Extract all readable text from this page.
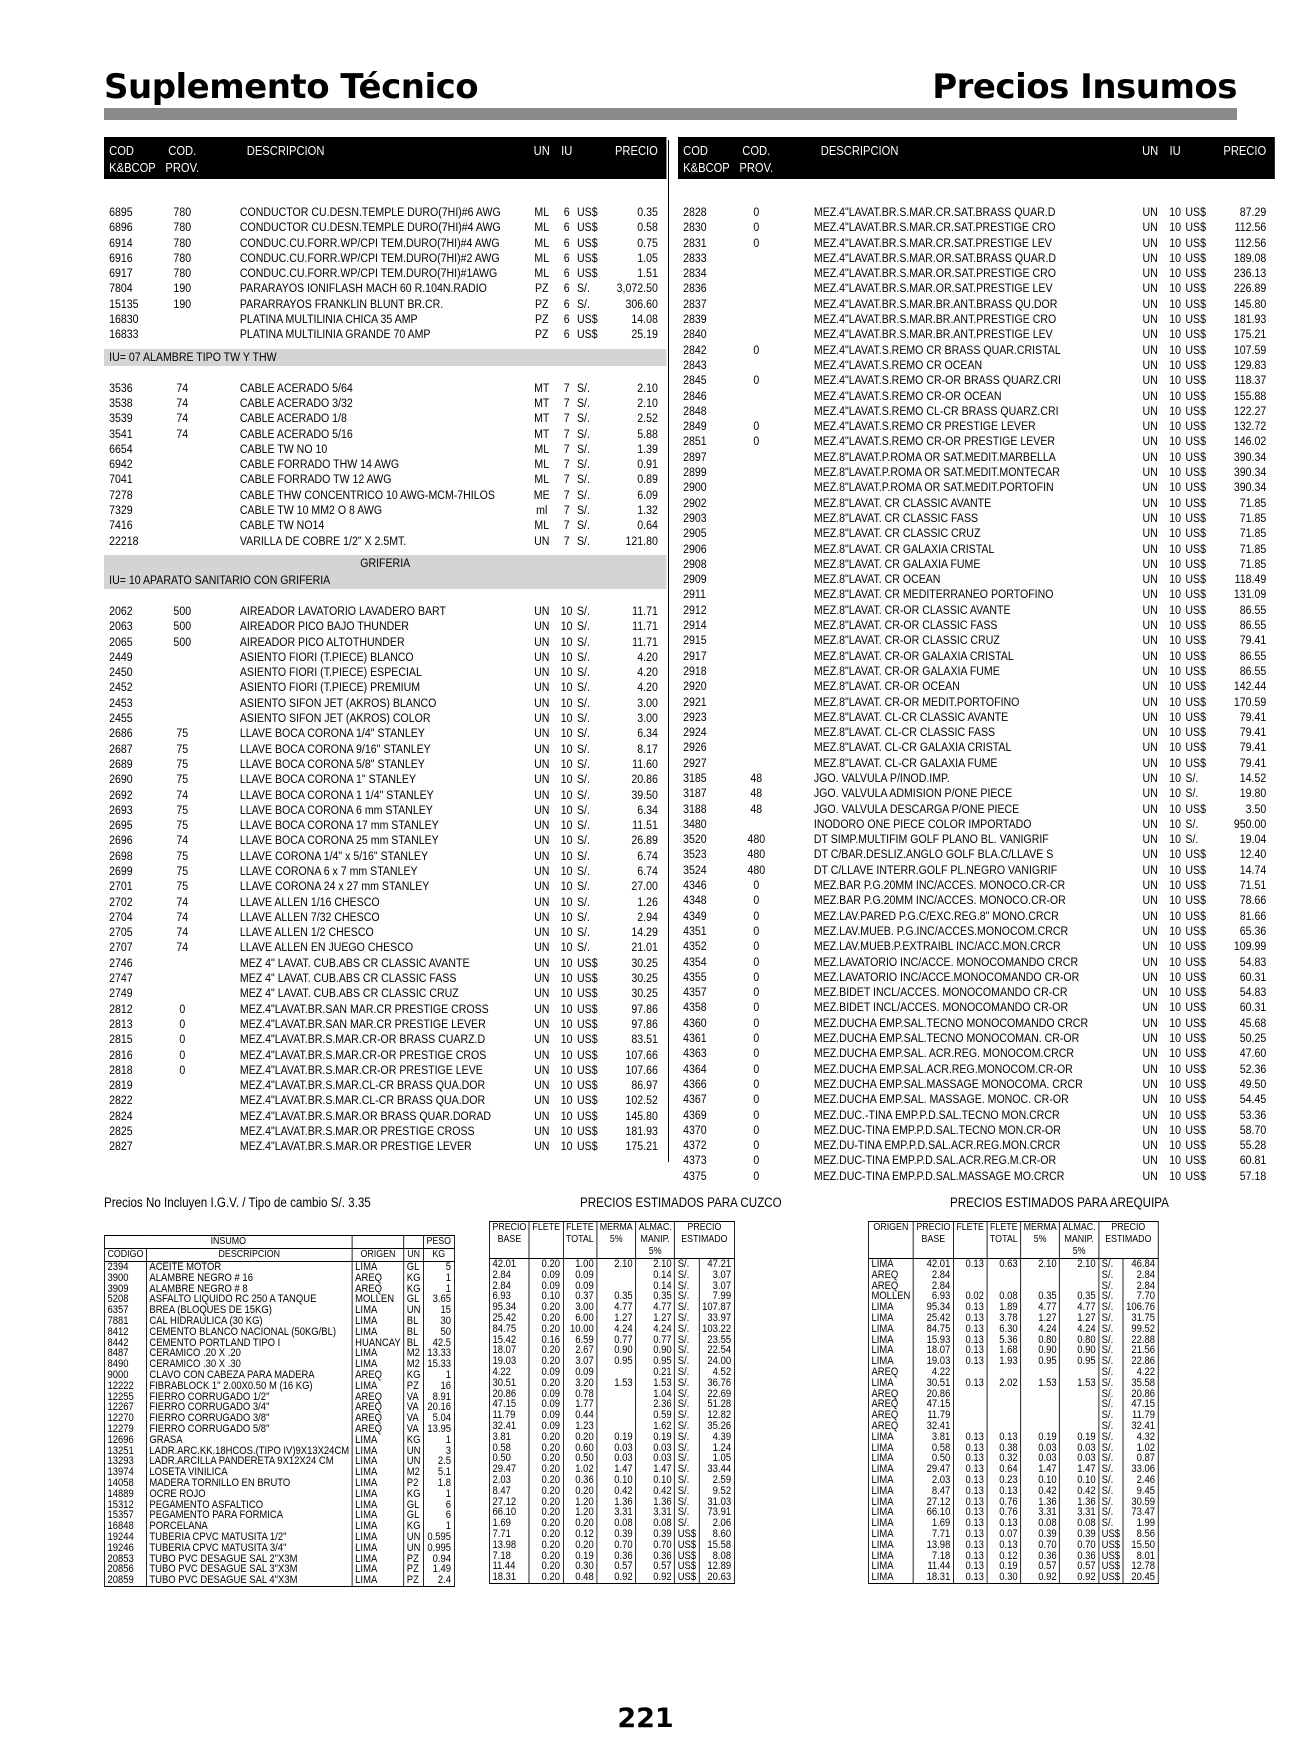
Suplemento Técnico	Precios Insumos
COD
K&BCOP
COD.
PROV.
DESCRIPCION	UN IU	PRECIO
6895	780	CONDUCTOR CU.DESN.TEMPLE DURO(7HI)#6 AWG	ML	6 US$	0.35
6896	780	CONDUCTOR CU.DESN.TEMPLE DURO(7HI)#4 AWG	ML	6 US$	0.58
6914	780	CONDUC.CU.FORR.WP/CPI TEM.DURO(7HI)#4 AWG	ML	6 US$	0.75
6916	780	CONDUC.CU.FORR.WP/CPI TEM.DURO(7HI)#2 AWG	ML	6 US$	1.05
6917	780	CONDUC.CU.FORR.WP/CPI TEM.DURO(7HI)#1AWG	ML	6 US$	1.51
7804	190	PARARAYOS IONIFLASH MACH 60 R.104N.RADIO	PZ	6 S/.	3,072.50
15135	190	PARARRAYOS FRANKLIN BLUNT BR.CR.	PZ	6 S/.	306.60
16830	PLATINA MULTILINIA CHICA 35 AMP	PZ	6 US$	14.08
16833	PLATINA MULTILINIA GRANDE 70 AMP	PZ	6 US$	25.19
IU= 07 ALAMBRE TIPO TW Y THW
3536	74	CABLE ACERADO 5/64	MT	7 S/.	2.10
3538	74	CABLE ACERADO 3/32	MT	7 S/.	2.10
3539	74	CABLE ACERADO 1/8	MT	7 S/.	2.52
3541	74	CABLE ACERADO 5/16	MT	7 S/.	5.88
6654	CABLE TW NO 10	ML	7 S/.	1.39
6942	CABLE FORRADO THW 14 AWG	ML	7 S/.	0.91
7041	CABLE FORRADO TW 12 AWG	ML	7 S/.	0.89
7278	CABLE THW CONCENTRICO 10 AWG-MCM-7HILOS	ME	7 S/.	6.09
7329	CABLE TW 10 MM2 O 8 AWG	ml	7 S/.	1.32
7416	CABLE TW NO14	ML	7 S/.	0.64
22218	VARILLA DE COBRE 1/2" X 2.5MT.	UN	7 S/.	121.80
GRIFERIA
IU= 10 APARATO SANITARIO CON GRIFERIA
2062	500	AIREADOR LAVATORIO LAVADERO BART	UN 10 S/.	11.71
2063	500	AIREADOR PICO BAJO THUNDER	UN 10 S/.	11.71
2065	500	AIREADOR PICO ALTOTHUNDER	UN 10 S/.	11.71
2449	ASIENTO FIORI (T.PIECE) BLANCO	UN 10 S/.	4.20
2450	ASIENTO FIORI (T.PIECE) ESPECIAL	UN 10 S/.	4.20
2452	ASIENTO FIORI (T.PIECE) PREMIUM	UN 10 S/.	4.20
2453	ASIENTO SIFON JET (AKROS) BLANCO	UN 10 S/.	3.00
2455	ASIENTO SIFON JET (AKROS) COLOR	UN 10 S/.	3.00
2686	75	LLAVE BOCA CORONA 1/4" STANLEY	UN 10 S/.	6.34
2687	75	LLAVE BOCA CORONA 9/16" STANLEY	UN 10 S/.	8.17
2689	75	LLAVE BOCA CORONA 5/8" STANLEY	UN 10 S/.	11.60
2690	75	LLAVE BOCA CORONA 1" STANLEY	UN 10 S/.	20.86
2692	74	LLAVE BOCA CORONA 1 1/4" STANLEY	UN 10 S/.	39.50
2693	75	LLAVE BOCA CORONA 6 mm STANLEY	UN 10 S/.	6.34
2695	75	LLAVE BOCA CORONA 17 mm STANLEY	UN 10 S/.	11.51
2696	74	LLAVE BOCA CORONA 25 mm STANLEY	UN 10 S/.	26.89
2698	75	LLAVE CORONA 1/4" x 5/16" STANLEY	UN 10 S/.	6.74
2699	75	LLAVE CORONA 6 x 7 mm STANLEY	UN 10 S/.	6.74
2701	75	LLAVE CORONA 24 x 27 mm STANLEY	UN 10 S/.	27.00
2702	74	LLAVE ALLEN 1/16 CHESCO	UN 10 S/.	1.26
2704	74	LLAVE ALLEN 7/32 CHESCO	UN 10 S/.	2.94
2705	74	LLAVE ALLEN 1/2 CHESCO	UN 10 S/.	14.29
2707	74	LLAVE ALLEN EN JUEGO CHESCO	UN 10 S/.	21.01
2746	MEZ 4" LAVAT. CUB.ABS CR CLASSIC AVANTE	UN 10 US$	30.25
2747	MEZ 4" LAVAT. CUB.ABS CR CLASSIC FASS	UN 10 US$	30.25
2749	MEZ 4" LAVAT. CUB.ABS CR CLASSIC CRUZ	UN 10 US$	30.25
2812	0	MEZ.4"LAVAT.BR.SAN MAR.CR PRESTIGE CROSS	UN 10 US$	97.86
2813	0	MEZ.4"LAVAT.BR.SAN MAR.CR PRESTIGE LEVER	UN 10 US$	97.86
2815	0	MEZ.4"LAVAT.BR.S.MAR.CR-OR BRASS CUARZ.D	UN 10 US$	83.51
2816	0	MEZ.4"LAVAT.BR.S.MAR.CR-OR PRESTIGE CROS	UN 10 US$	107.66
2818	0	MEZ.4"LAVAT.BR.S.MAR.CR-OR PRESTIGE LEVE	UN 10 US$	107.66
2819	MEZ.4"LAVAT.BR.S.MAR.CL-CR BRASS QUA.DOR	UN 10 US$	86.97
2822	MEZ.4"LAVAT.BR.S.MAR.CL-CR BRASS QUA.DOR	UN 10 US$	102.52
2824	MEZ.4"LAVAT.BR.S.MAR.OR BRASS QUAR.DORAD	UN 10 US$	145.80
2825	MEZ.4"LAVAT.BR.S.MAR.OR PRESTIGE CROSS	UN 10 US$	181.93
2827	MEZ.4"LAVAT.BR.S.MAR.OR PRESTIGE LEVER	UN 10 US$	175.21
COD
K&BCOP
COD.
PROV.
DESCRIPCION	UN IU	PRECIO
2828	0	MEZ.4"LAVAT.BR.S.MAR.CR.SAT.BRASS QUAR.D	UN 10 US$	87.29
2830	0	MEZ.4"LAVAT.BR.S.MAR.CR.SAT.PRESTIGE CRO	UN 10 US$	112.56
2831	0	MEZ.4"LAVAT.BR.S.MAR.CR.SAT.PRESTIGE LEV	UN 10 US$	112.56
2833	MEZ.4"LAVAT.BR.S.MAR.OR.SAT.BRASS QUAR.D	UN 10 US$	189.08
2834	MEZ.4"LAVAT.BR.S.MAR.OR.SAT.PRESTIGE CRO	UN 10 US$	236.13
2836	MEZ.4"LAVAT.BR.S.MAR.OR.SAT.PRESTIGE LEV	UN 10 US$	226.89
2837	MEZ.4"LAVAT.BR.S.MAR.BR.ANT.BRASS QU.DOR	UN 10 US$	145.80
2839	MEZ.4"LAVAT.BR.S.MAR.BR.ANT.PRESTIGE CRO	UN 10 US$	181.93
2840	MEZ.4"LAVAT.BR.S.MAR.BR.ANT.PRESTIGE LEV	UN 10 US$	175.21
2842	0	MEZ.4"LAVAT.S.REMO CR BRASS QUAR.CRISTAL	UN 10 US$	107.59
2843	MEZ.4"LAVAT.S.REMO CR OCEAN	UN 10 US$	129.83
2845	0	MEZ.4"LAVAT.S.REMO CR-OR BRASS QUARZ.CRI	UN 10 US$	118.37
2846	MEZ.4"LAVAT.S.REMO CR-OR OCEAN	UN 10 US$	155.88
2848	MEZ.4"LAVAT.S.REMO CL-CR BRASS QUARZ.CRI	UN 10 US$	122.27
2849	0	MEZ.4"LAVAT.S.REMO CR PRESTIGE LEVER	UN 10 US$	132.72
2851	0	MEZ.4"LAVAT.S.REMO CR-OR PRESTIGE LEVER	UN 10 US$	146.02
2897	MEZ.8"LAVAT.P.ROMA OR SAT.MEDIT.MARBELLA	UN 10 US$	390.34
2899	MEZ.8"LAVAT.P.ROMA OR SAT.MEDIT.MONTECAR	UN 10 US$	390.34
2900	MEZ.8"LAVAT.P.ROMA OR SAT.MEDIT.PORTOFIN	UN 10 US$	390.34
2902	MEZ.8"LAVAT. CR CLASSIC AVANTE	UN 10 US$	71.85
2903	MEZ.8"LAVAT. CR CLASSIC FASS	UN 10 US$	71.85
2905	MEZ.8"LAVAT. CR CLASSIC CRUZ	UN 10 US$	71.85
2906	MEZ.8"LAVAT. CR GALAXIA CRISTAL	UN 10 US$	71.85
2908	MEZ.8"LAVAT. CR GALAXIA FUME	UN 10 US$	71.85
2909	MEZ.8"LAVAT. CR OCEAN	UN 10 US$	118.49
2911	MEZ.8"LAVAT. CR MEDITERRANEO PORTOFINO	UN 10 US$	131.09
2912	MEZ.8"LAVAT. CR-OR CLASSIC AVANTE	UN 10 US$	86.55
2914	MEZ.8"LAVAT. CR-OR CLASSIC FASS	UN 10 US$	86.55
2915	MEZ.8"LAVAT. CR-OR CLASSIC CRUZ	UN 10 US$	79.41
2917	MEZ.8"LAVAT. CR-OR GALAXIA CRISTAL	UN 10 US$	86.55
2918	MEZ.8"LAVAT. CR-OR GALAXIA FUME	UN 10 US$	86.55
2920	MEZ.8"LAVAT. CR-OR OCEAN	UN 10 US$	142.44
2921	MEZ.8"LAVAT. CR-OR MEDIT.PORTOFINO	UN 10 US$	170.59
2923	MEZ.8"LAVAT. CL-CR CLASSIC AVANTE	UN 10 US$	79.41
2924	MEZ.8"LAVAT. CL-CR CLASSIC FASS	UN 10 US$	79.41
2926	MEZ.8"LAVAT. CL-CR GALAXIA CRISTAL	UN 10 US$	79.41
2927	MEZ.8"LAVAT. CL-CR GALAXIA FUME	UN 10 US$	79.41
3185	48	JGO. VALVULA P/INOD.IMP.	UN 10 S/.	14.52
3187	48	JGO. VALVULA ADMISION P/ONE PIECE	UN 10 S/.	19.80
3188	48	JGO. VALVULA DESCARGA P/ONE PIECE	UN 10 US$	3.50
3480	INODORO ONE PIECE COLOR IMPORTADO	UN 10 S/.	950.00
3520	480	DT SIMP.MULTIFIM GOLF PLANO BL. VANIGRIF	UN 10 S/.	19.04
3523	480	DT C/BAR.DESLIZ.ANGLO GOLF BLA.C/LLAVE S	UN 10 US$	12.40
3524	480	DT C/LLAVE INTERR.GOLF PL.NEGRO VANIGRIF	UN 10 US$	14.74
4346	0	MEZ.BAR P.G.20MM INC/ACCES. MONOCO.CR-CR	UN 10 US$	71.51
4348	0	MEZ.BAR P.G.20MM INC/ACCES. MONOCO.CR-OR	UN 10 US$	78.66
4349	0	MEZ.LAV.PARED P.G.C/EXC.REG.8" MONO.CRCR	UN 10 US$	81.66
4351	0	MEZ.LAV.MUEB. P.G.INC/ACCES.MONOCOM.CRCR	UN 10 US$	65.36
4352	0	MEZ.LAV.MUEB.P.EXTRAIBL INC/ACC.MON.CRCR	UN 10 US$	109.99
4354	0	MEZ.LAVATORIO INC/ACCE. MONOCOMANDO CRCR	UN 10 US$	54.83
4355	0	MEZ.LAVATORIO INC/ACCE.MONOCOMANDO CR-OR	UN 10 US$	60.31
4357	0	MEZ.BIDET INCL/ACCES. MONOCOMANDO CR-CR	UN 10 US$	54.83
4358	0	MEZ.BIDET INCL/ACCES. MONOCOMANDO CR-OR	UN 10 US$	60.31
4360	0	MEZ.DUCHA EMP.SAL.TECNO MONOCOMANDO CRCR	UN 10 US$	45.68
4361	0	MEZ.DUCHA EMP.SAL.TECNO MONOCOMAN. CR-OR	UN 10 US$	50.25
4363	0	MEZ.DUCHA EMP.SAL. ACR.REG. MONOCOM.CRCR	UN 10 US$	47.60
4364	0	MEZ.DUCHA EMP.SAL.ACR.REG.MONOCOM.CR-OR	UN 10 US$	52.36
4366	0	MEZ.DUCHA EMP.SAL.MASSAGE MONOCOMA. CRCR	UN 10 US$	49.50
4367	0	MEZ.DUCHA EMP.SAL. MASSAGE. MONOC. CR-OR	UN 10 US$	54.45
4369	0	MEZ.DUC.-TINA EMP.P.D.SAL.TECNO MON.CRCR	UN 10 US$	53.36
4370	0	MEZ.DUC-TINA EMP.P.D.SAL.TECNO MON.CR-OR	UN 10 US$	58.70
4372	0	MEZ.DU-TINA EMP.P.D.SAL.ACR.REG.MON.CRCR	UN 10 US$	55.28
4373	0	MEZ.DUC-TINA EMP.P.D.SAL.ACR.REG.M.CR-OR	UN 10 US$	60.81
4375	0	MEZ.DUC-TINA EMP.P.D.SAL.MASSAGE MO.CRCR	UN 10 US$	57.18
Precios No Incluyen I.G.V. / Tipo de cambio S/. 3.35	PRECIOS ESTIMADOS PARA CUZCO	PRECIOS ESTIMADOS PARA AREQUIPA
INSUMO				PESO
CODIGO	DESCRIPCION	ORIGEN	UN	KG
2394	ACEITE MOTOR	LIMA	GL	5
3900	ALAMBRE NEGRO # 16	AREQ	KG	1
3909	ALAMBRE NEGRO # 8	AREQ	KG	1
5208	ASFALTO LIQUIDO RC 250 A TANQUE	MOLLEN	GL	3.65
6357	BREA (BLOQUES DE 15KG)	LIMA	UN	15
7881	CAL HIDRAULICA (30 KG)	LIMA	BL	30
8412	CEMENTO BLANCO NACIONAL (50KG/BL)	LIMA	BL	50
8442	CEMENTO PORTLAND TIPO I	HUANCAY	BL	42.5
8487	CERAMICO .20 X .20	LIMA	M2	13.33
8490	CERAMICO .30 X .30	LIMA	M2	15.33
9000	CLAVO CON CABEZA PARA MADERA	AREQ	KG	1
12222	FIBRABLOCK 1" 2.00X0.50 M (16 KG)	LIMA	PZ	16
12255	FIERRO CORRUGADO 1/2"	AREQ	VA	8.91
12267	FIERRO CORRUGADO 3/4"	AREQ	VA	20.16
12270	FIERRO CORRUGADO 3/8"	AREQ	VA	5.04
12279	FIERRO CORRUGADO 5/8"	AREQ	VA	13.95
12696	GRASA	LIMA	KG	1
13251	LADR.ARC.KK.18HCOS.(TIPO IV)9X13X24CM	LIMA	UN	3
13293	LADR.ARCILLA PANDERETA 9X12X24 CM	LIMA	UN	2.5
13974	LOSETA VINILICA	LIMA	M2	5.1
14058	MADERA TORNILLO EN BRUTO	LIMA	P2	1.8
14889	OCRE ROJO	LIMA	KG	1
15312	PEGAMENTO ASFALTICO	LIMA	GL	6
15357	PEGAMENTO PARA FORMICA	LIMA	GL	6
16848	PORCELANA	LIMA	KG	1
19244	TUBERIA CPVC MATUSITA 1/2"	LIMA	UN	0.595
19246	TUBERIA CPVC MATUSITA 3/4"	LIMA	UN	0.995
20853	TUBO PVC DESAGUE SAL 2"X3M	LIMA	PZ	0.94
20856	TUBO PVC DESAGUE SAL 3"X3M	LIMA	PZ	1.49
20859	TUBO PVC DESAGUE SAL 4"X3M	LIMA	PZ	2.4
PRECIO
BASE	FLETE	FLETE
TOTAL	MERMA
5%	ALMAC.
MANIP.
5%	PRECIO
ESTIMADO	
42.01	0.20	1.00	2.10	2.10	S/.	47.21
2.84	0.09	0.09		0.14	S/.	3.07
2.84	0.09	0.09		0.14	S/.	3.07
6.93	0.10	0.37	0.35	0.35	S/.	7.99
95.34	0.20	3.00	4.77	4.77	S/.	107.87
25.42	0.20	6.00	1.27	1.27	S/.	33.97
84.75	0.20	10.00	4.24	4.24	S/.	103.22
15.42	0.16	6.59	0.77	0.77	S/.	23.55
18.07	0.20	2.67	0.90	0.90	S/.	22.54
19.03	0.20	3.07	0.95	0.95	S/.	24.00
4.22	0.09	0.09		0.21	S/.	4.52
30.51	0.20	3.20	1.53	1.53	S/.	36.76
20.86	0.09	0.78		1.04	S/.	22.69
47.15	0.09	1.77		2.36	S/.	51.28
11.79	0.09	0.44		0.59	S/.	12.82
32.41	0.09	1.23		1.62	S/.	35.26
3.81	0.20	0.20	0.19	0.19	S/.	4.39
0.58	0.20	0.60	0.03	0.03	S/.	1.24
0.50	0.20	0.50	0.03	0.03	S/.	1.05
29.47	0.20	1.02	1.47	1.47	S/.	33.44
2.03	0.20	0.36	0.10	0.10	S/.	2.59
8.47	0.20	0.20	0.42	0.42	S/.	9.52
27.12	0.20	1.20	1.36	1.36	S/.	31.03
66.10	0.20	1.20	3.31	3.31	S/.	73.91
1.69	0.20	0.20	0.08	0.08	S/.	2.06
7.71	0.20	0.12	0.39	0.39	US$	8.60
13.98	0.20	0.20	0.70	0.70	US$	15.58
7.18	0.20	0.19	0.36	0.36	US$	8.08
11.44	0.20	0.30	0.57	0.57	US$	12.89
18.31	0.20	0.48	0.92	0.92	US$	20.63
ORIGEN	PRECIO
BASE	FLETE	FLETE
TOTAL	MERMA
5%	ALMAC.
MANIP.
5%	PRECIO
ESTIMADO	
LIMA	42.01	0.13	0.63	2.10	2.10	S/.	46.84
AREQ	2.84					S/.	2.84
AREQ	2.84					S/.	2.84
MOLLEN	6.93	0.02	0.08	0.35	0.35	S/.	7.70
LIMA	95.34	0.13	1.89	4.77	4.77	S/.	106.76
LIMA	25.42	0.13	3.78	1.27	1.27	S/.	31.75
LIMA	84.75	0.13	6.30	4.24	4.24	S/.	99.52
LIMA	15.93	0.13	5.36	0.80	0.80	S/.	22.88
LIMA	18.07	0.13	1.68	0.90	0.90	S/.	21.56
LIMA	19.03	0.13	1.93	0.95	0.95	S/.	22.86
AREQ	4.22					S/.	4.22
LIMA	30.51	0.13	2.02	1.53	1.53	S/.	35.58
AREQ	20.86					S/.	20.86
AREQ	47.15					S/.	47.15
AREQ	11.79					S/.	11.79
AREQ	32.41					S/.	32.41
LIMA	3.81	0.13	0.13	0.19	0.19	S/.	4.32
LIMA	0.58	0.13	0.38	0.03	0.03	S/.	1.02
LIMA	0.50	0.13	0.32	0.03	0.03	S/.	0.87
LIMA	29.47	0.13	0.64	1.47	1.47	S/.	33.06
LIMA	2.03	0.13	0.23	0.10	0.10	S/.	2.46
LIMA	8.47	0.13	0.13	0.42	0.42	S/.	9.45
LIMA	27.12	0.13	0.76	1.36	1.36	S/.	30.59
LIMA	66.10	0.13	0.76	3.31	3.31	S/.	73.47
LIMA	1.69	0.13	0.13	0.08	0.08	S/.	1.99
LIMA	7.71	0.13	0.07	0.39	0.39	US$	8.56
LIMA	13.98	0.13	0.13	0.70	0.70	US$	15.50
LIMA	7.18	0.13	0.12	0.36	0.36	US$	8.01
LIMA	11.44	0.13	0.19	0.57	0.57	US$	12.78
LIMA	18.31	0.13	0.30	0.92	0.92	US$	20.45
221
